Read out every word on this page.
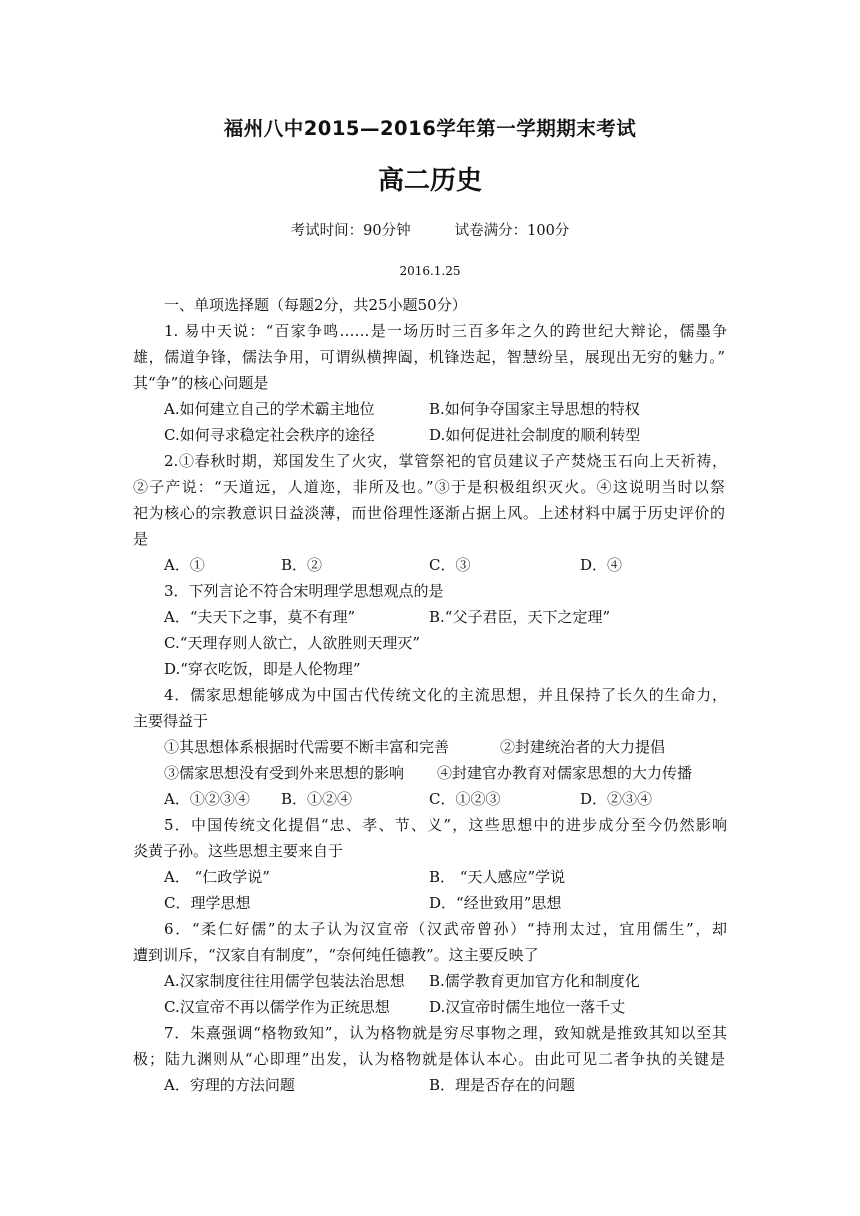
福州八中2015—2016学年第一学期期末考试
高二历史
考试时间：90分钟	试卷满分：100分
2016.1.25
一、单项选择题（每题2分，共25小题50分）
1. 易中天说：“百家争鸣……是一场历时三百多年之久的跨世纪大辩论，儒墨争
雄，儒道争锋，儒法争用，可谓纵横捭阖，机锋迭起，智慧纷呈，展现出无穷的魅力。”
其“争”的核心问题是
A.如何建立自己的学术霸主地位	B.如何争夺国家主导思想的特权
C.如何寻求稳定社会秩序的途径	D.如何促进社会制度的顺利转型
2.①春秋时期，郑国发生了火灾，掌管祭祀的官员建议子产焚烧玉石向上天祈祷，
②子产说：“天道远，人道迩，非所及也。”③于是积极组织灭火。④这说明当时以祭
祀为核心的宗教意识日益淡薄，而世俗理性逐渐占据上风。上述材料中属于历史评价的
是
A．①	B．②	C．③	D．④
3．下列言论不符合宋明理学思想观点的是
A．“夫天下之事，莫不有理”	B.“父子君臣，天下之定理”
C.“天理存则人欲亡，人欲胜则天理灭”
D.“穿衣吃饭，即是人伦物理”
4．儒家思想能够成为中国古代传统文化的主流思想，并且保持了长久的生命力，
主要得益于
①其思想体系根据时代需要不断丰富和完善	②封建统治者的大力提倡
③儒家思想没有受到外来思想的影响 ④封建官办教育对儒家思想的大力传播
A．①②③④ B．①②④	C．①②③	D．②③④
5．中国传统文化提倡“忠、孝、节、义”，这些思想中的进步成分至今仍然影响
炎黄子孙。这些思想主要来自于
A． “仁政学说”	B． “天人感应”学说
C．理学思想	D．“经世致用”思想
6．“柔仁好儒”的太子认为汉宣帝（汉武帝曾孙）“持刑太过，宜用儒生”，却
遭到训斥，“汉家自有制度”，“奈何纯任德教”。这主要反映了
A.汉家制度往往用儒学包装法治思想 B.儒学教育更加官方化和制度化
C.汉宣帝不再以儒学作为正统思想	D.汉宣帝时儒生地位一落千丈
7．朱熹强调“格物致知”，认为格物就是穷尽事物之理，致知就是推致其知以至其
极；陆九渊则从“心即理”出发，认为格物就是体认本心。由此可见二者争执的关键是
A．穷理的方法问题	B．理是否存在的问题
